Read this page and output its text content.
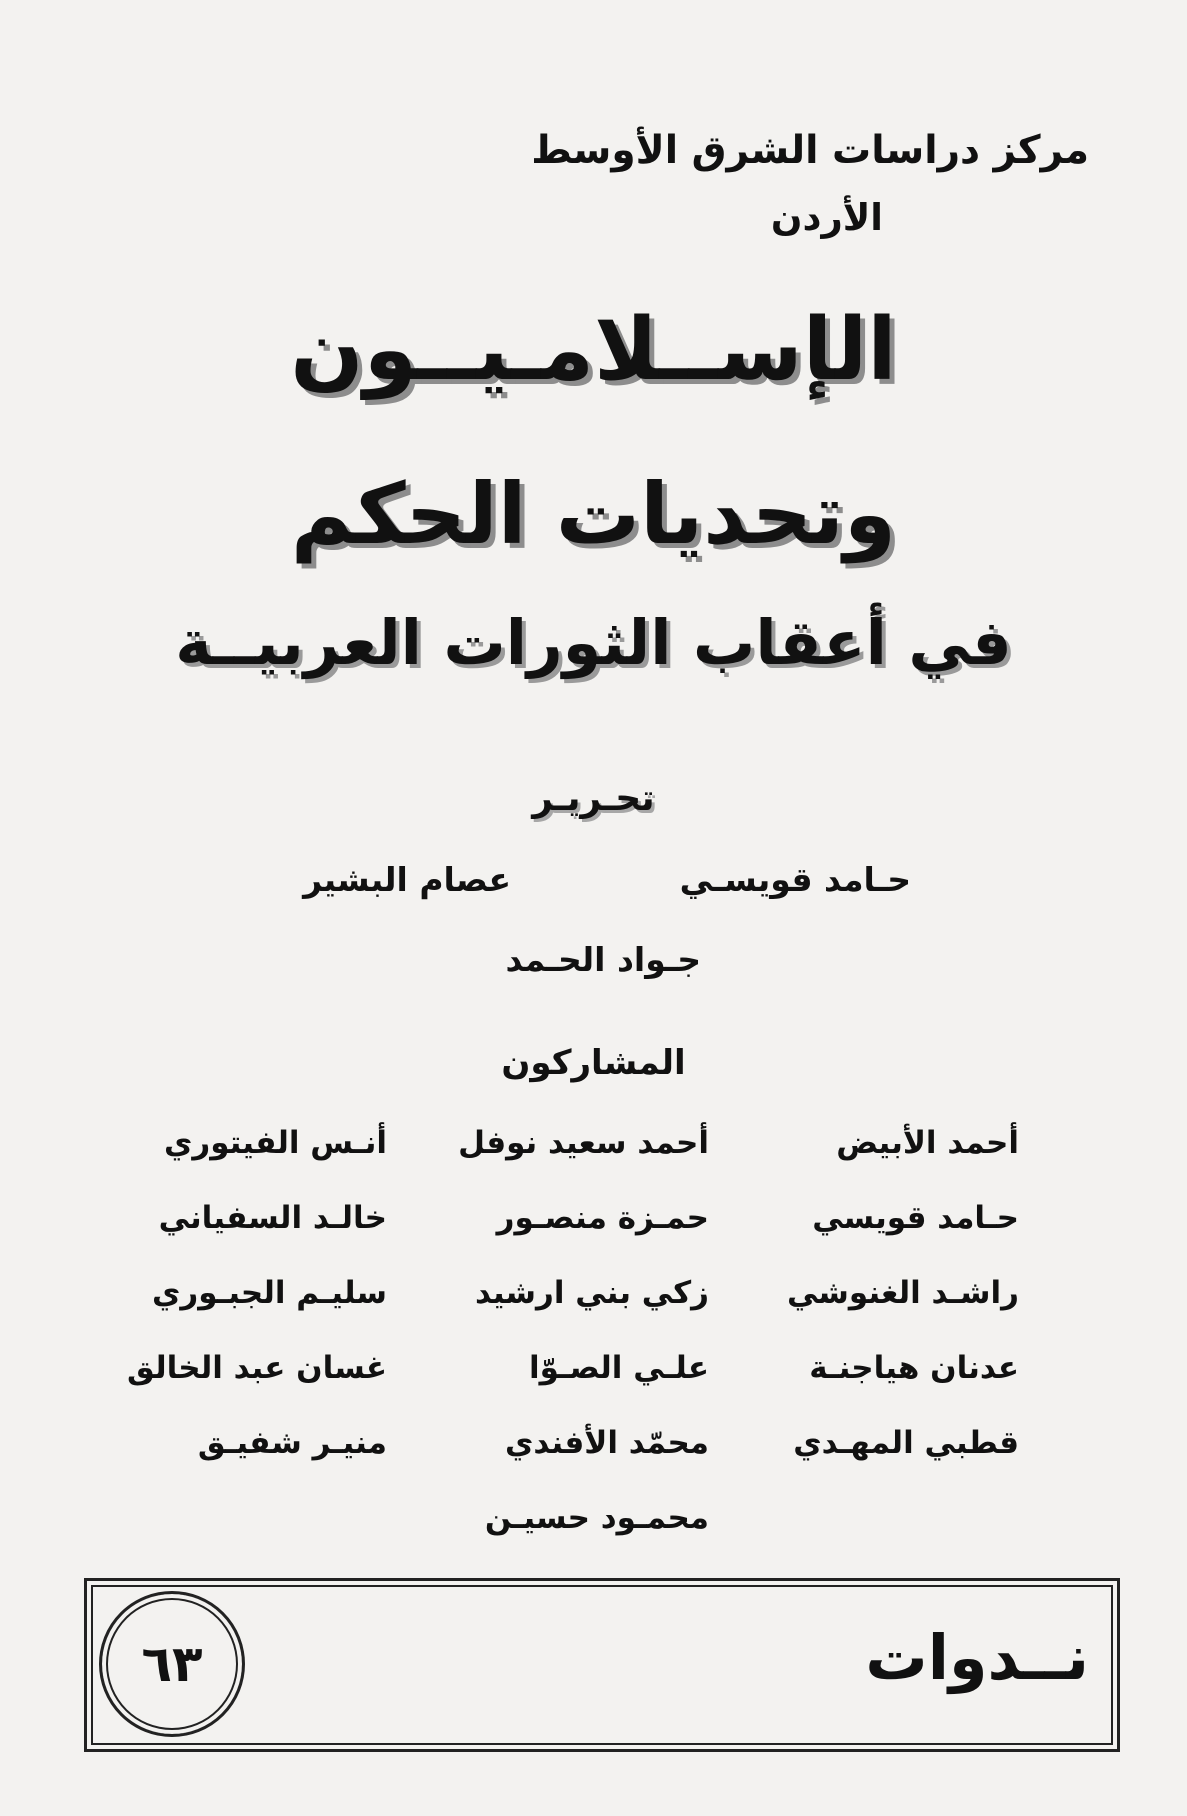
مركز دراسات الشرق الأوسط
الأردن
الإســلامـيــون
وتحديات الحكم
في أعقاب الثورات العربيــة
تحـريـر
حـامد قويسـي
عصام البشير
جـواد الحـمد
المشاركون
أحمد الأبيض
حـامد قويسي
راشـد الغنوشي
عدنان هياجنـة
قطبي المهـدي
أحمد سعيد نوفل
حمـزة منصـور
زكي بني ارشيد
علـي الصـوّا
محمّد الأفندي
محمـود حسيـن
أنـس الفيتوري
خالـد السفياني
سليـم الجبـوري
غسان عبد الخالق
منيـر شفيـق
نــدوات
٦٣
